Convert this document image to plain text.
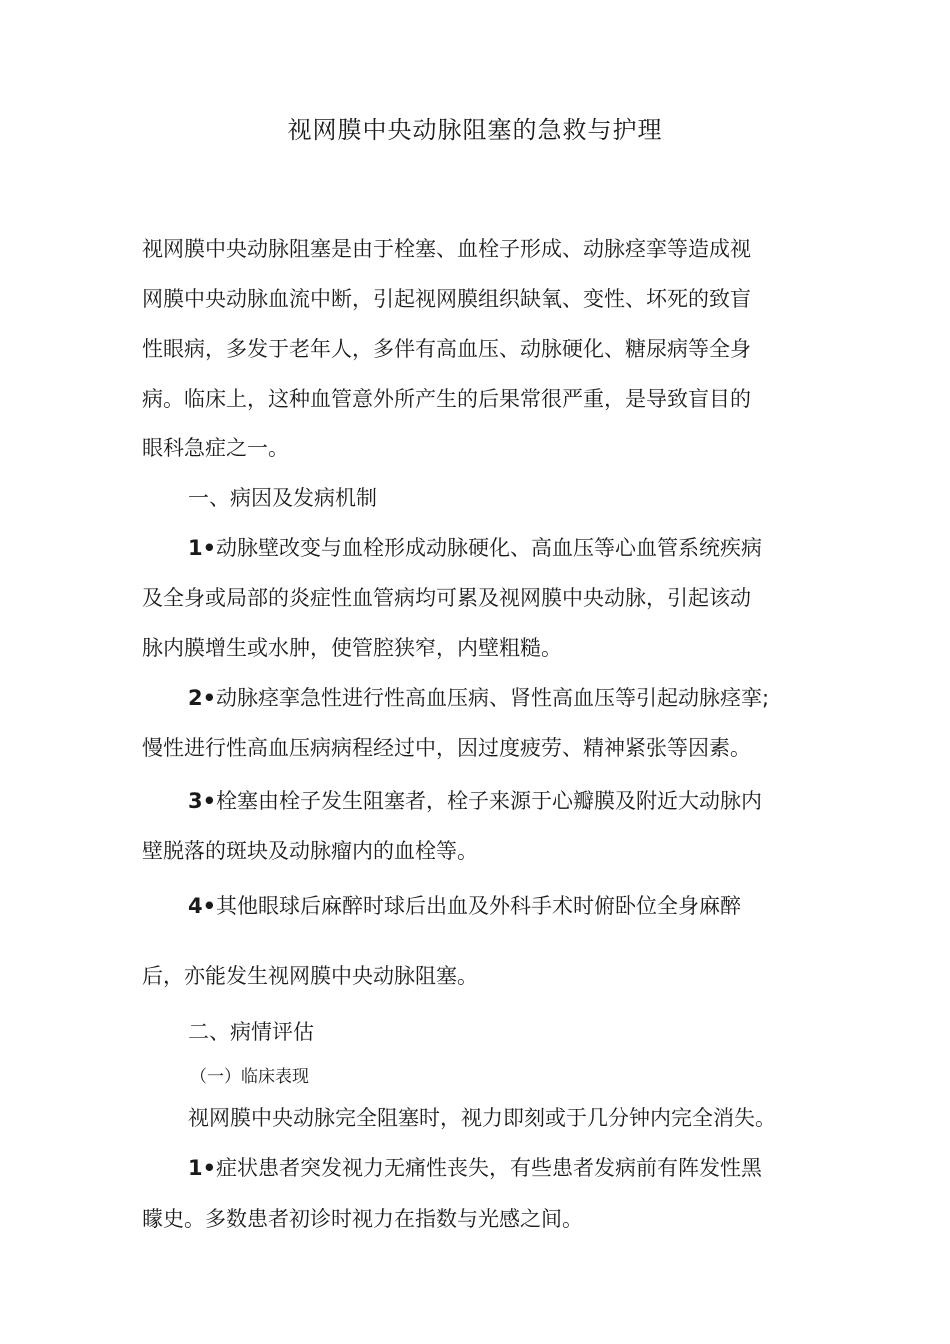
视网膜中央动脉阻塞的急救与护理
视网膜中央动脉阻塞是由于栓塞、血栓子形成、动脉痉挛等造成视
网膜中央动脉血流中断，引起视网膜组织缺氧、变性、坏死的致盲
性眼病，多发于老年人，多伴有高血压、动脉硬化、糖尿病等全身
病。临床上，这种血管意外所产生的后果常很严重，是导致盲目的
眼科急症之一。
一、病因及发病机制
1•动脉壁改变与血栓形成动脉硬化、高血压等心血管系统疾病
及全身或局部的炎症性血管病均可累及视网膜中央动脉，引起该动
脉内膜增生或水肿，使管腔狭窄，内壁粗糙。
2•动脉痉挛急性进行性高血压病、肾性高血压等引起动脉痉挛;
慢性进行性高血压病病程经过中，因过度疲劳、精神紧张等因素。
3•栓塞由栓子发生阻塞者，栓子来源于心瓣膜及附近大动脉内
壁脱落的斑块及动脉瘤内的血栓等。
4•其他眼球后麻醉时球后出血及外科手术时俯卧位全身麻醉
后，亦能发生视网膜中央动脉阻塞。
二、病情评估
（一）临床表现
视网膜中央动脉完全阻塞时，视力即刻或于几分钟内完全消失。
1•症状患者突发视力无痛性丧失，有些患者发病前有阵发性黑
矇史。多数患者初诊时视力在指数与光感之间。
